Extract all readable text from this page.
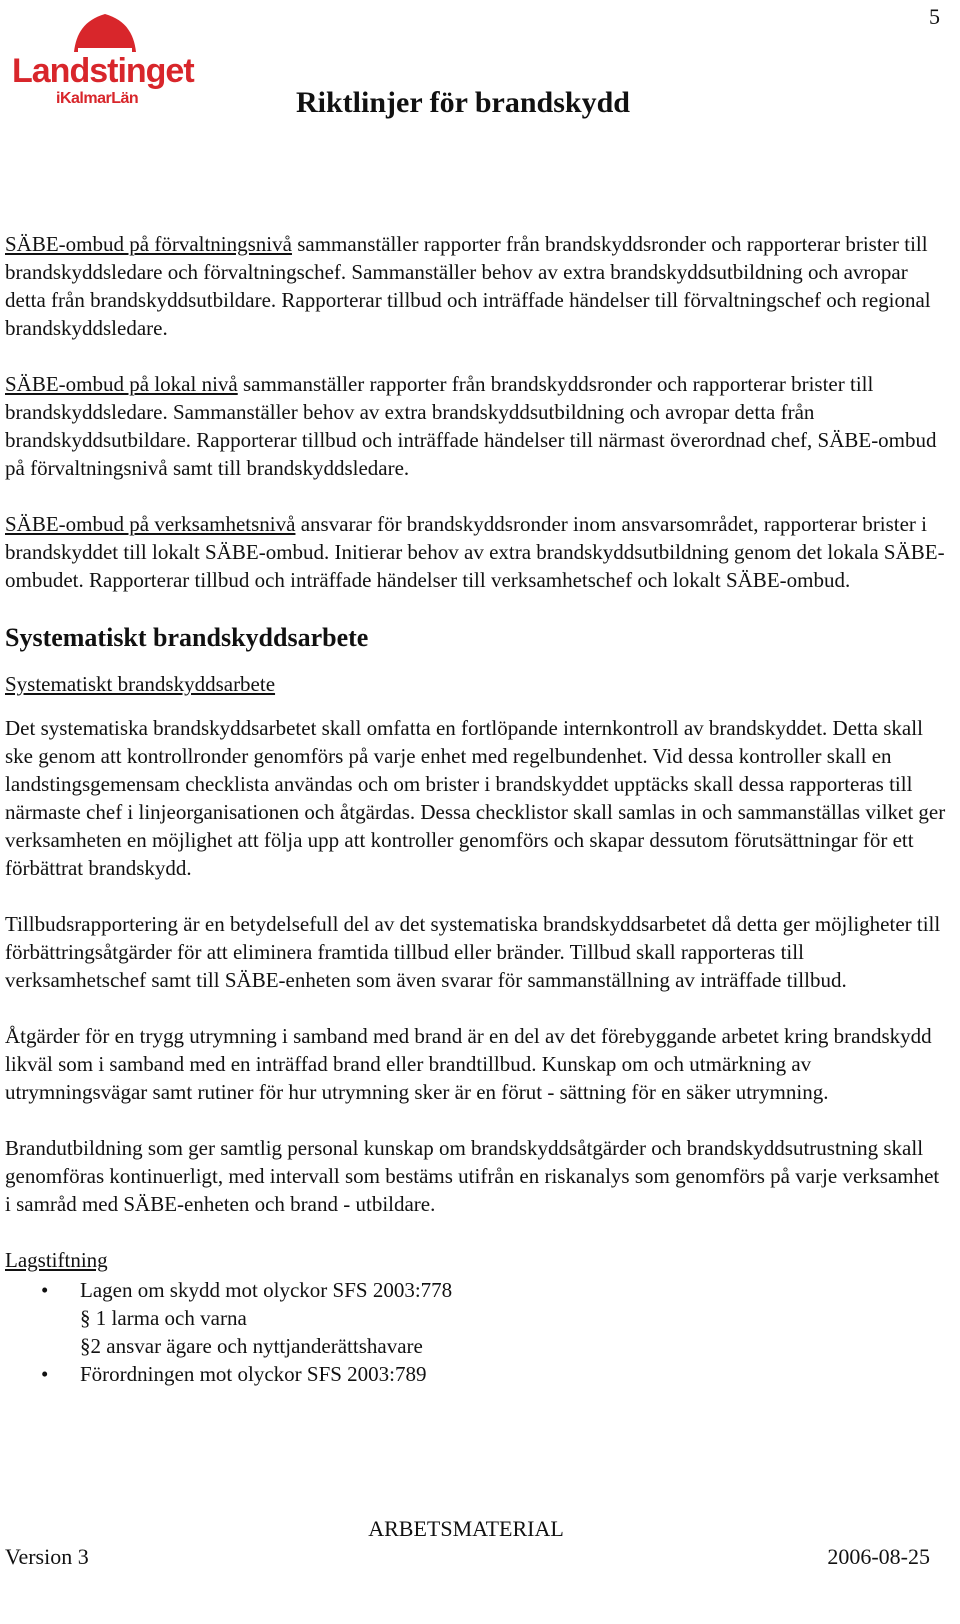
5
Landstinget
iKalmarLän	Riktlinjer för brandskydd

SÄBE-ombud på förvaltningsnivå sammanställer rapporter från brandskyddsronder och rapporterar brister till brandskyddsledare och förvaltningschef. Sammanställer behov av extra brandskyddsutbildning och avropar detta från brandskyddsutbildare. Rapporterar tillbud och inträffade händelser till förvaltningschef och regional brandskyddsledare.

SÄBE-ombud på lokal nivå sammanställer rapporter från brandskyddsronder och rapporterar brister till brandskyddsledare. Sammanställer behov av extra brandskyddsutbildning och avropar detta från brandskyddsutbildare. Rapporterar tillbud och inträffade händelser till närmast överordnad chef, SÄBE-ombud på förvaltningsnivå samt till brandskyddsledare.

SÄBE-ombud på verksamhetsnivå ansvarar för brandskyddsronder inom ansvarsområdet, rapporterar brister i brandskyddet till lokalt SÄBE-ombud. Initierar behov av extra brandskyddsutbildning genom det lokala SÄBE-ombudet. Rapporterar tillbud och inträffade händelser till verksamhetschef och lokalt SÄBE-ombud.

Systematiskt brandskyddsarbete

Systematiskt brandskyddsarbete

Det systematiska brandskyddsarbetet skall omfatta en fortlöpande internkontroll av brandskyddet. Detta skall ske genom att kontrollronder genomförs på varje enhet med regelbundenhet. Vid dessa kontroller skall en landstingsgemensam checklista användas och om brister i brandskyddet upptäcks skall dessa rapporteras till närmaste chef i linjeorganisationen och åtgärdas. Dessa checklistor skall samlas in och sammanställas vilket ger verksamheten en möjlighet att följa upp att kontroller genomförs och skapar dessutom förutsättningar för ett förbättrat brandskydd.

Tillbudsrapportering är en betydelsefull del av det systematiska brandskyddsarbetet då detta ger möjligheter till förbättringsåtgärder för att eliminera framtida tillbud eller bränder. Tillbud skall rapporteras till verksamhetschef samt till SÄBE-enheten som även svarar för sammanställning av inträffade tillbud.

Åtgärder för en trygg utrymning i samband med brand är en del av det förebyggande arbetet kring brandskydd likväl som i samband med en inträffad brand eller brandtillbud. Kunskap om och utmärkning av utrymningsvägar samt rutiner för hur utrymning sker är en förut - sättning för en säker utrymning.

Brandutbildning som ger samtlig personal kunskap om brandskyddsåtgärder och brandskyddsutrustning skall genomföras kontinuerligt, med intervall som bestäms utifrån en riskanalys som genomförs på varje verksamhet i samråd med SÄBE-enheten och brand - utbildare.

Lagstiftning

• Lagen om skydd mot olyckor SFS 2003:778
§ 1 larma och varna
§2 ansvar ägare och nyttjanderättshavare
• Förordningen mot olyckor SFS 2003:789
ARBETSMATERIAL
Version 3	2006-08-25
